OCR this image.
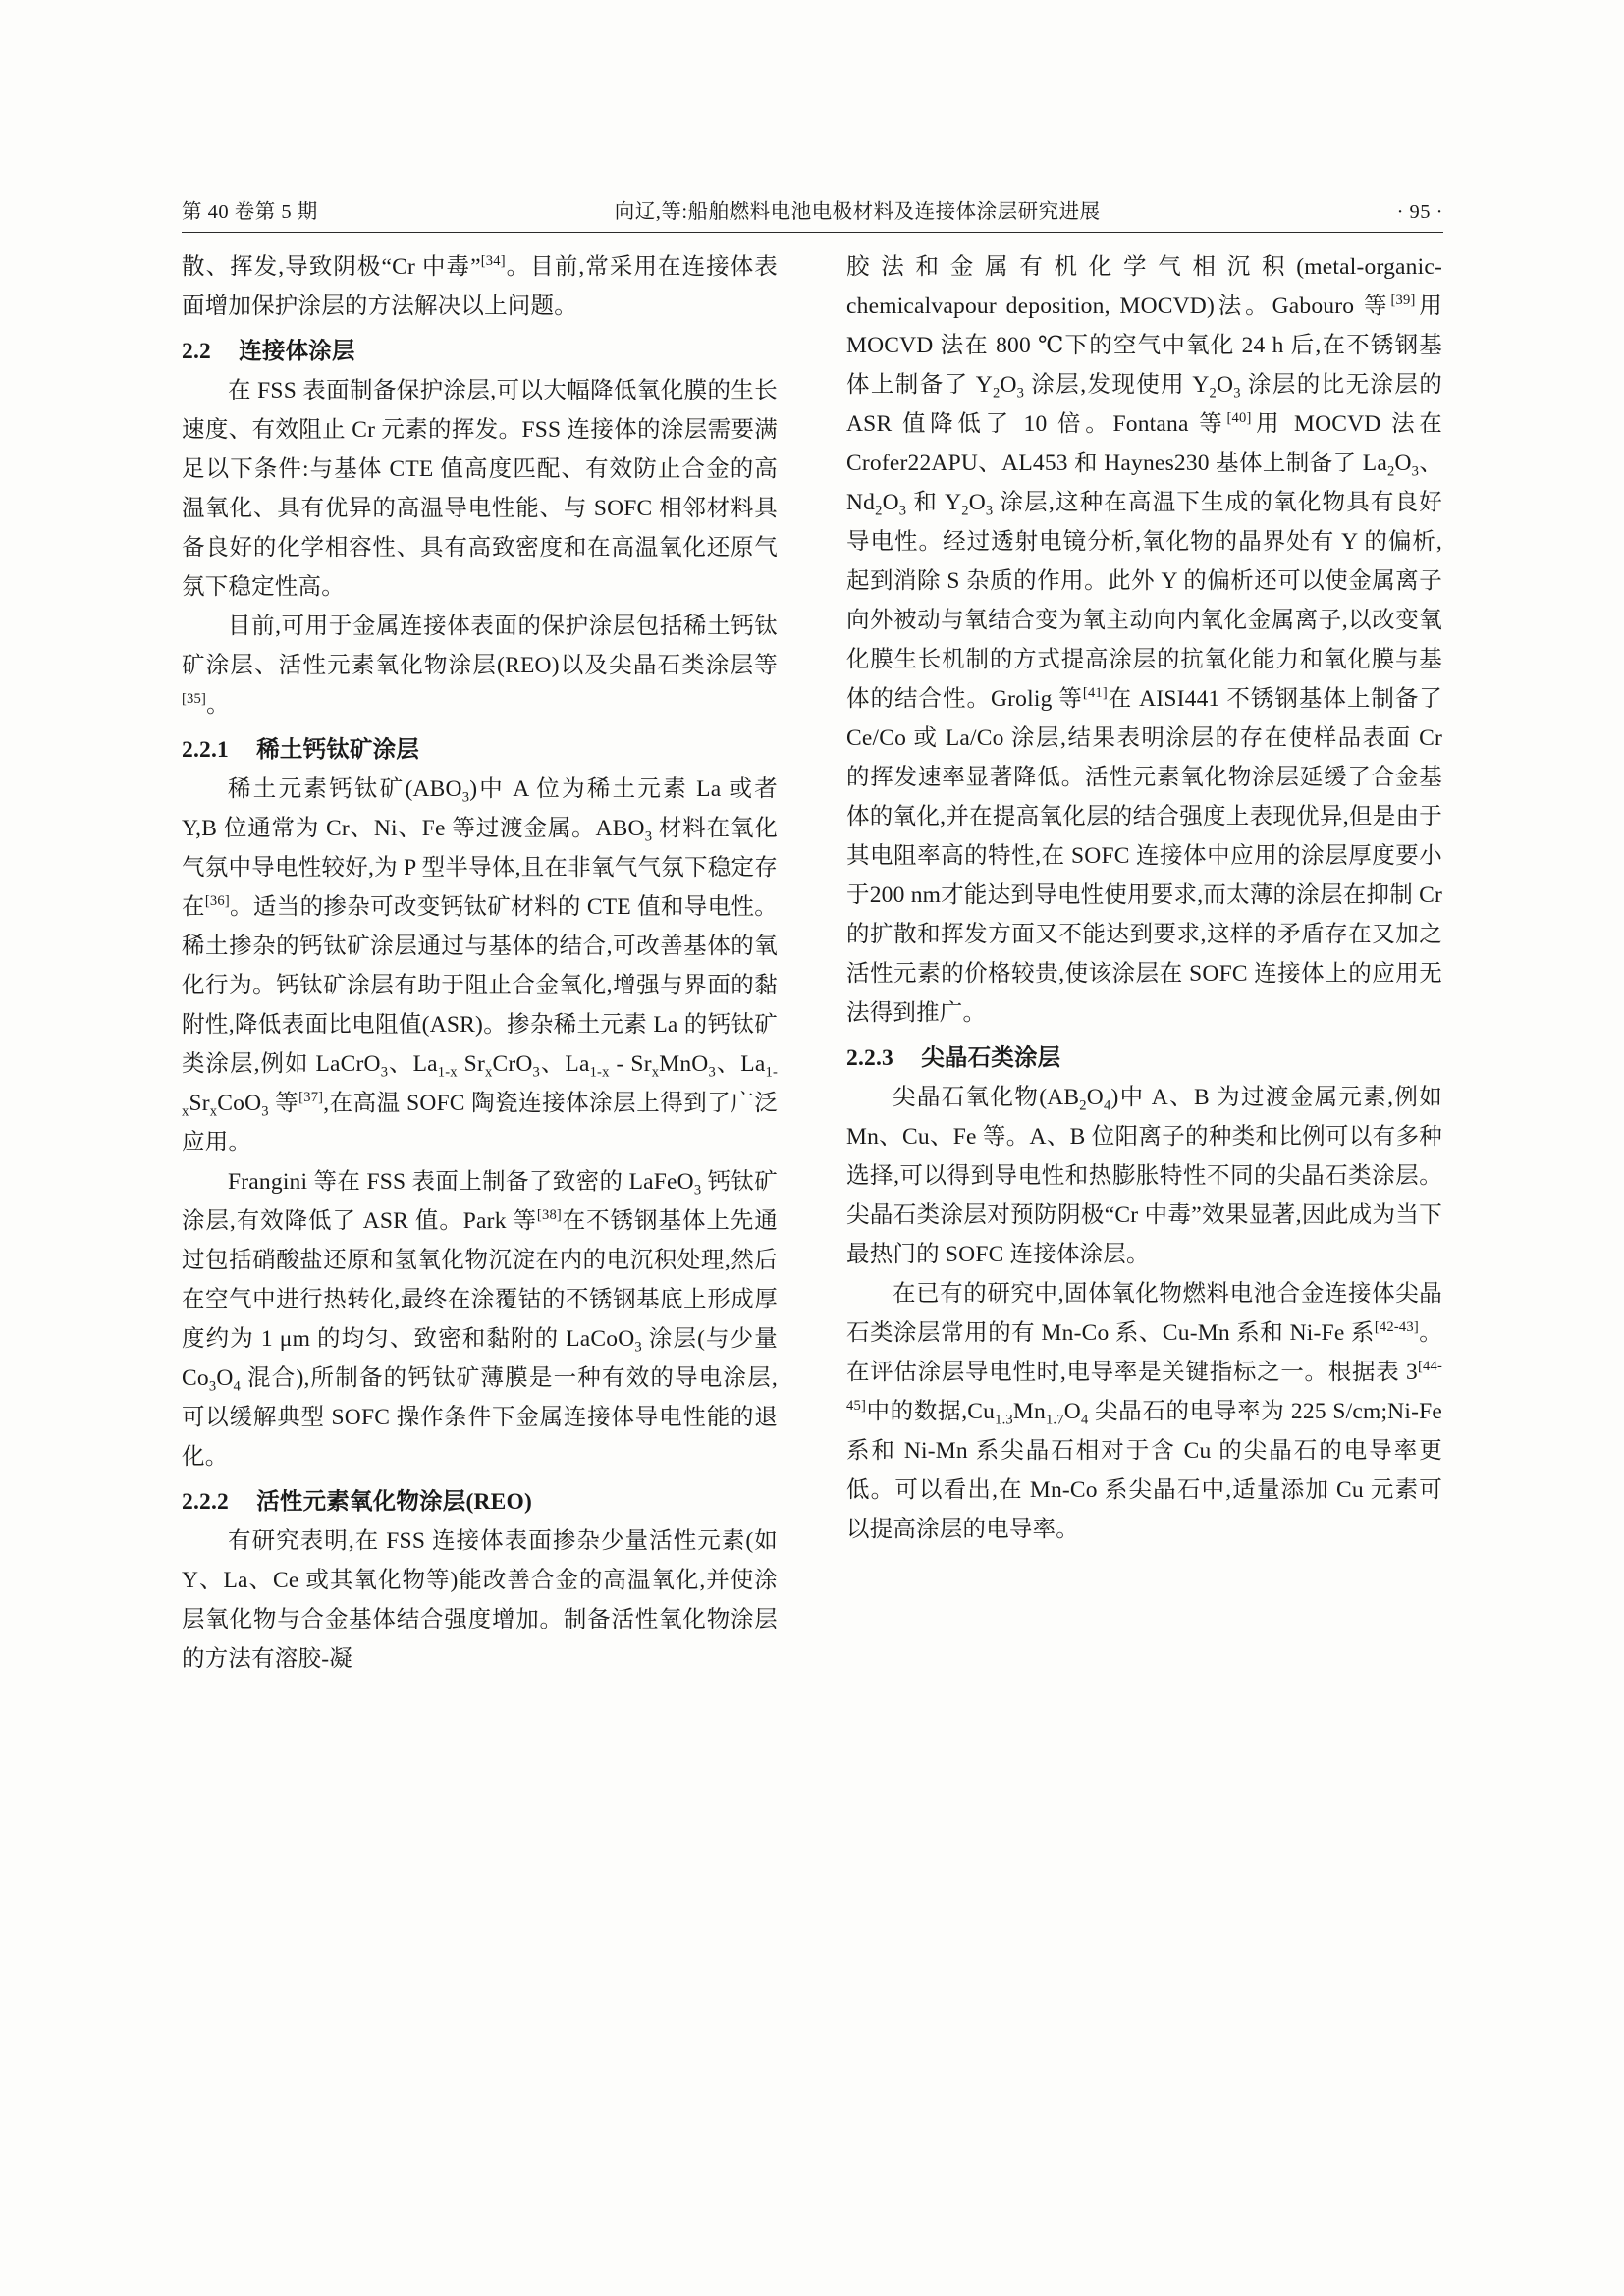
第 40 卷第 5 期	向辽,等:船舶燃料电池电极材料及连接体涂层研究进展	· 95 ·

散、挥发,导致阴极“Cr 中毒”[34]。目前,常采用在连接体表面增加保护涂层的方法解决以上问题。

2.2 连接体涂层

在 FSS 表面制备保护涂层,可以大幅降低氧化膜的生长速度、有效阻止 Cr 元素的挥发。FSS 连接体的涂层需要满足以下条件:与基体 CTE 值高度匹配、有效防止合金的高温氧化、具有优异的高温导电性能、与 SOFC 相邻材料具备良好的化学相容性、具有高致密度和在高温氧化还原气氛下稳定性高。

目前,可用于金属连接体表面的保护涂层包括稀土钙钛矿涂层、活性元素氧化物涂层(REO)以及尖晶石类涂层等[35]。

2.2.1 稀土钙钛矿涂层

稀土元素钙钛矿$(ABO_3)$中 A 位为稀土元素 La 或者 Y,B 位通常为 Cr、Ni、Fe 等过渡金属。$ABO_3$ 材料在氧化气氛中导电性较好,为 P 型半导体,且在非氧气气氛下稳定存在[36]。适当的掺杂可改变钙钛矿材料的 CTE 值和导电性。稀土掺杂的钙钛矿涂层通过与基体的结合,可改善基体的氧化行为。钙钛矿涂层有助于阻止合金氧化,增强与界面的黏附性,降低表面比电阻值(ASR)。掺杂稀土元素 La 的钙钛矿类涂层,例如 LaCrO$_3$、$La_{1-x}$ $Sr_xCrO_3$、$La_{1-x} - Sr_xMnO_3$、$La_{1-x}Sr_xCoO_3$ 等[37],在高温 SOFC 陶瓷连接体涂层上得到了广泛应用。

Frangini 等在 FSS 表面上制备了致密的 LaFeO$_3$ 钙钛矿涂层,有效降低了 ASR 值。Park 等[38]在不锈钢基体上先通过包括硝酸盐还原和氢氧化物沉淀在内的电沉积处理,然后在空气中进行热转化,最终在涂覆钴的不锈钢基底上形成厚度约为 1 μm 的均匀、致密和黏附的 LaCoO$_3$ 涂层(与少量 $Co_3O_4$ 混合),所制备的钙钛矿薄膜是一种有效的导电涂层,可以缓解典型 SOFC 操作条件下金属连接体导电性能的退化。

2.2.2 活性元素氧化物涂层(REO)

有研究表明,在 FSS 连接体表面掺杂少量活性元素(如 Y、La、Ce 或其氧化物等)能改善合金的高温氧化,并使涂层氧化物与合金基体结合强度增加。制备活性氧化物涂层的方法有溶胶-凝

胶法和金属有机化学气相沉积(metal-organic-chemicalvapour deposition, MOCVD)法。Gabouro 等[39]用 MOCVD 法在 800 ℃下的空气中氧化 24 h 后,在不锈钢基体上制备了 $Y_2O_3$ 涂层,发现使用 $Y_2O_3$ 涂层的比无涂层的 ASR 值降低了 10 倍。Fontana 等[40]用 MOCVD 法在 Crofer22APU、AL453 和 Haynes230 基体上制备了 $La_2O_3$、$Nd_2O_3$ 和 $Y_2O_3$ 涂层,这种在高温下生成的氧化物具有良好导电性。经过透射电镜分析,氧化物的晶界处有 Y 的偏析,起到消除 S 杂质的作用。此外 Y 的偏析还可以使金属离子向外被动与氧结合变为氧主动向内氧化金属离子,以改变氧化膜生长机制的方式提高涂层的抗氧化能力和氧化膜与基体的结合性。Grolig 等[41]在 AISI441 不锈钢基体上制备了 Ce/Co 或 La/Co 涂层,结果表明涂层的存在使样品表面 Cr 的挥发速率显著降低。活性元素氧化物涂层延缓了合金基体的氧化,并在提高氧化层的结合强度上表现优异,但是由于其电阻率高的特性,在 SOFC 连接体中应用的涂层厚度要小于200 nm才能达到导电性使用要求,而太薄的涂层在抑制 Cr 的扩散和挥发方面又不能达到要求,这样的矛盾存在又加之活性元素的价格较贵,使该涂层在 SOFC 连接体上的应用无法得到推广。

2.2.3 尖晶石类涂层

尖晶石氧化物$(AB_2O_4)$中 A、B 为过渡金属元素,例如 Mn、Cu、Fe 等。A、B 位阳离子的种类和比例可以有多种选择,可以得到导电性和热膨胀特性不同的尖晶石类涂层。尖晶石类涂层对预防阴极“Cr 中毒”效果显著,因此成为当下最热门的 SOFC 连接体涂层。

在已有的研究中,固体氧化物燃料电池合金连接体尖晶石类涂层常用的有 Mn-Co 系、Cu-Mn 系和 Ni-Fe 系[42-43]。在评估涂层导电性时,电导率是关键指标之一。根据表 3[44-45]中的数据$,Cu_{1.3}Mn_{1.7}O_4$ 尖晶石的电导率为 225 S/cm;Ni-Fe 系和 Ni-Mn 系尖晶石相对于含 Cu 的尖晶石的电导率更低。可以看出,在 Mn-Co 系尖晶石中,适量添加 Cu 元素可以提高涂层的电导率。
